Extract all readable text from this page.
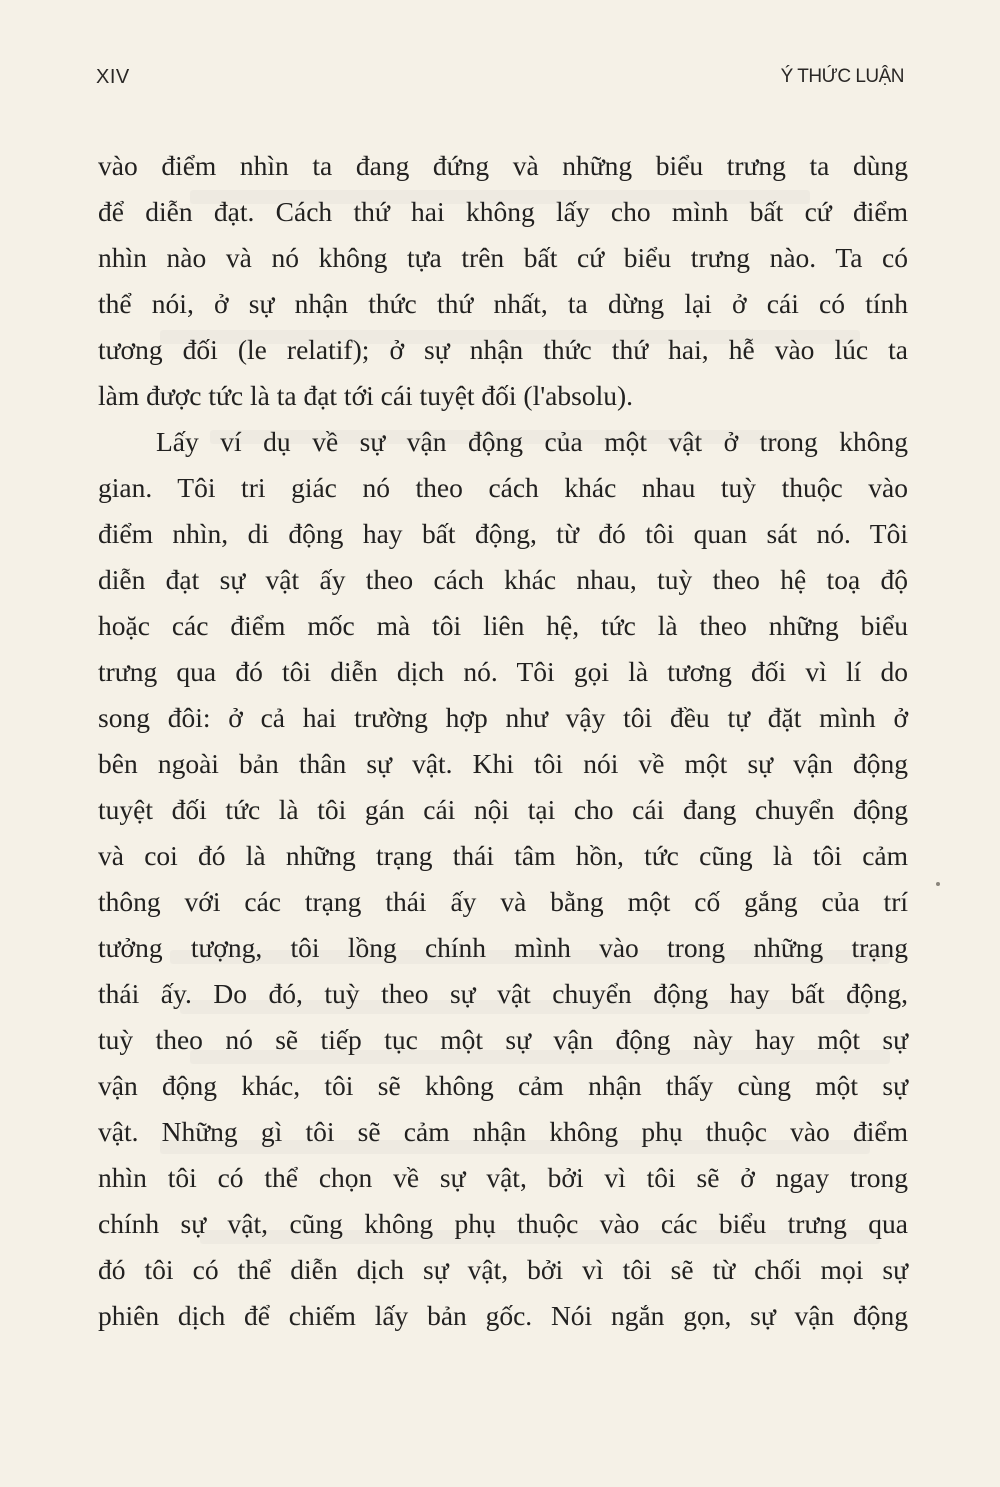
XIV	Ý THỨC LUẬN
vào điểm nhìn ta đang đứng và những biểu trưng ta dùng
để diễn đạt. Cách thứ hai không lấy cho mình bất cứ điểm
nhìn nào và nó không tựa trên bất cứ biểu trưng nào. Ta có
thể nói, ở sự nhận thức thứ nhất, ta dừng lại ở cái có tính
tương đối (le relatif); ở sự nhận thức thứ hai, hễ vào lúc ta
làm được tức là ta đạt tới cái tuyệt đối (l'absolu).
Lấy ví dụ về sự vận động của một vật ở trong không
gian. Tôi tri giác nó theo cách khác nhau tuỳ thuộc vào
điểm nhìn, di động hay bất động, từ đó tôi quan sát nó. Tôi
diễn đạt sự vật ấy theo cách khác nhau, tuỳ theo hệ toạ độ
hoặc các điểm mốc mà tôi liên hệ, tức là theo những biểu
trưng qua đó tôi diễn dịch nó. Tôi gọi là tương đối vì lí do
song đôi: ở cả hai trường hợp như vậy tôi đều tự đặt mình ở
bên ngoài bản thân sự vật. Khi tôi nói về một sự vận động
tuyệt đối tức là tôi gán cái nội tại cho cái đang chuyển động
và coi đó là những trạng thái tâm hồn, tức cũng là tôi cảm
thông với các trạng thái ấy và bằng một cố gắng của trí
tưởng tượng, tôi lồng chính mình vào trong những trạng
thái ấy. Do đó, tuỳ theo sự vật chuyển động hay bất động,
tuỳ theo nó sẽ tiếp tục một sự vận động này hay một sự
vận động khác, tôi sẽ không cảm nhận thấy cùng một sự
vật. Những gì tôi sẽ cảm nhận không phụ thuộc vào điểm
nhìn tôi có thể chọn về sự vật, bởi vì tôi sẽ ở ngay trong
chính sự vật, cũng không phụ thuộc vào các biểu trưng qua
đó tôi có thể diễn dịch sự vật, bởi vì tôi sẽ từ chối mọi sự
phiên dịch để chiếm lấy bản gốc. Nói ngắn gọn, sự vận động
